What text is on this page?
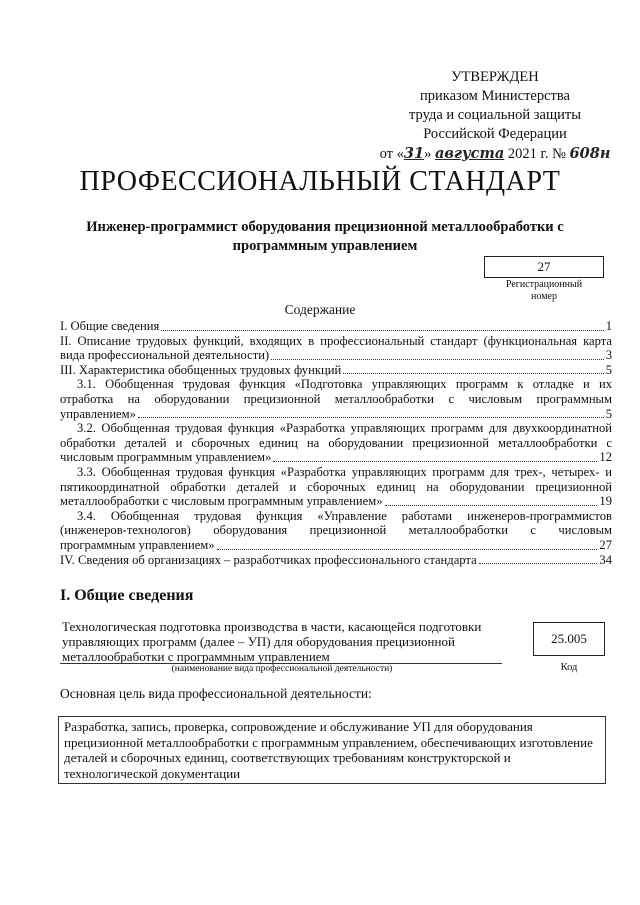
УТВЕРЖДЕН
приказом Министерства
труда и социальной защиты
Российской Федерации
от «31» августа 2021 г. № 608н
ПРОФЕССИОНАЛЬНЫЙ СТАНДАРТ
Инженер-программист оборудования прецизионной металлообработки с программным управлением
27
Регистрационный
номер
Содержание
I. Общие сведения	1
II. Описание трудовых функций, входящих в профессиональный стандарт (функциональная карта
вида профессиональной деятельности)	3
III. Характеристика обобщенных трудовых функций	5
3.1. Обобщенная трудовая функция «Подготовка управляющих программ к отладке и их
отработка на оборудовании прецизионной металлообработки с числовым программным
управлением»	5
3.2. Обобщенная трудовая функция «Разработка управляющих программ для двухкоординатной
обработки деталей и сборочных единиц на оборудовании прецизионной металлообработки с
числовым программным управлением»	12
3.3. Обобщенная трудовая функция «Разработка управляющих программ для трех-, четырех- и
пятикоординатной обработки деталей и сборочных единиц на оборудовании прецизионной
металлообработки с числовым программным управлением»	19
3.4. Обобщенная трудовая функция «Управление работами инженеров-программистов
(инженеров-технологов) оборудования прецизионной металлообработки с числовым
программным управлением»	27
IV. Сведения об организациях – разработчиках профессионального стандарта	34
I. Общие сведения
Технологическая подготовка производства в части, касающейся подготовки управляющих программ (далее – УП) для оборудования прецизионной металлообработки с программным управлением
(наименование вида профессиональной деятельности)
25.005
Код
Основная цель вида профессиональной деятельности:
Разработка, запись, проверка, сопровождение и обслуживание УП для оборудования прецизионной металлообработки с программным управлением, обеспечивающих изготовление деталей и сборочных единиц, соответствующих требованиям конструкторской и технологической документации
